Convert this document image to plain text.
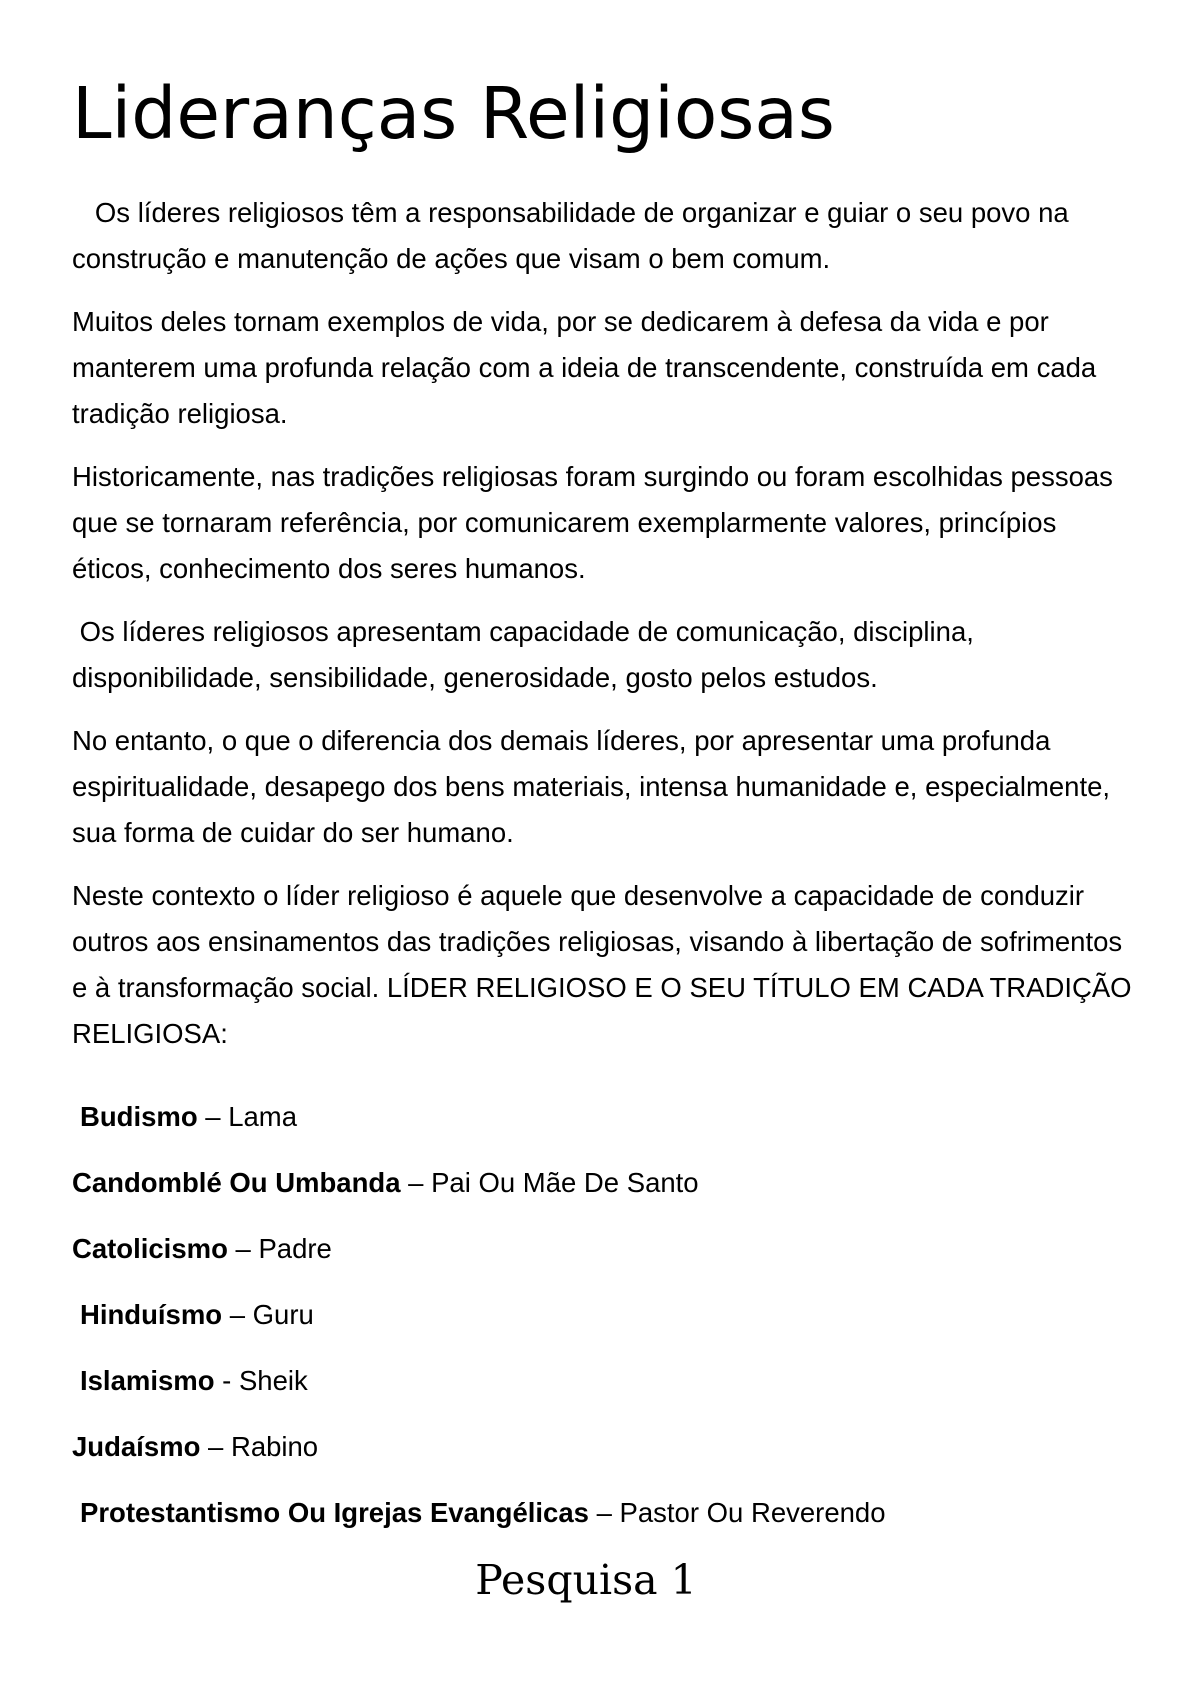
Lideranças Religiosas

Os líderes religiosos têm a responsabilidade de organizar e guiar o seu povo na construção e manutenção de ações que visam o bem comum.

Muitos deles tornam exemplos de vida, por se dedicarem à defesa da vida e por manterem uma profunda relação com a ideia de transcendente, construída em cada tradição religiosa.

Historicamente, nas tradições religiosas foram surgindo ou foram escolhidas pessoas que se tornaram referência, por comunicarem exemplarmente valores, princípios éticos, conhecimento dos seres humanos.

Os líderes religiosos apresentam capacidade de comunicação, disciplina, disponibilidade, sensibilidade, generosidade, gosto pelos estudos.

No entanto, o que o diferencia dos demais líderes, por apresentar uma profunda espiritualidade, desapego dos bens materiais, intensa humanidade e, especialmente, sua forma de cuidar do ser humano.

Neste contexto o líder religioso é aquele que desenvolve a capacidade de conduzir outros aos ensinamentos das tradições religiosas, visando à libertação de sofrimentos e à transformação social. LÍDER RELIGIOSO E O SEU TÍTULO EM CADA TRADIÇÃO RELIGIOSA:

Budismo – Lama
Candomblé Ou Umbanda – Pai Ou Mãe De Santo
Catolicismo – Padre
Hinduísmo – Guru
Islamismo - Sheik
Judaísmo – Rabino
Protestantismo Ou Igrejas Evangélicas – Pastor Ou Reverendo
Pesquisa 1
